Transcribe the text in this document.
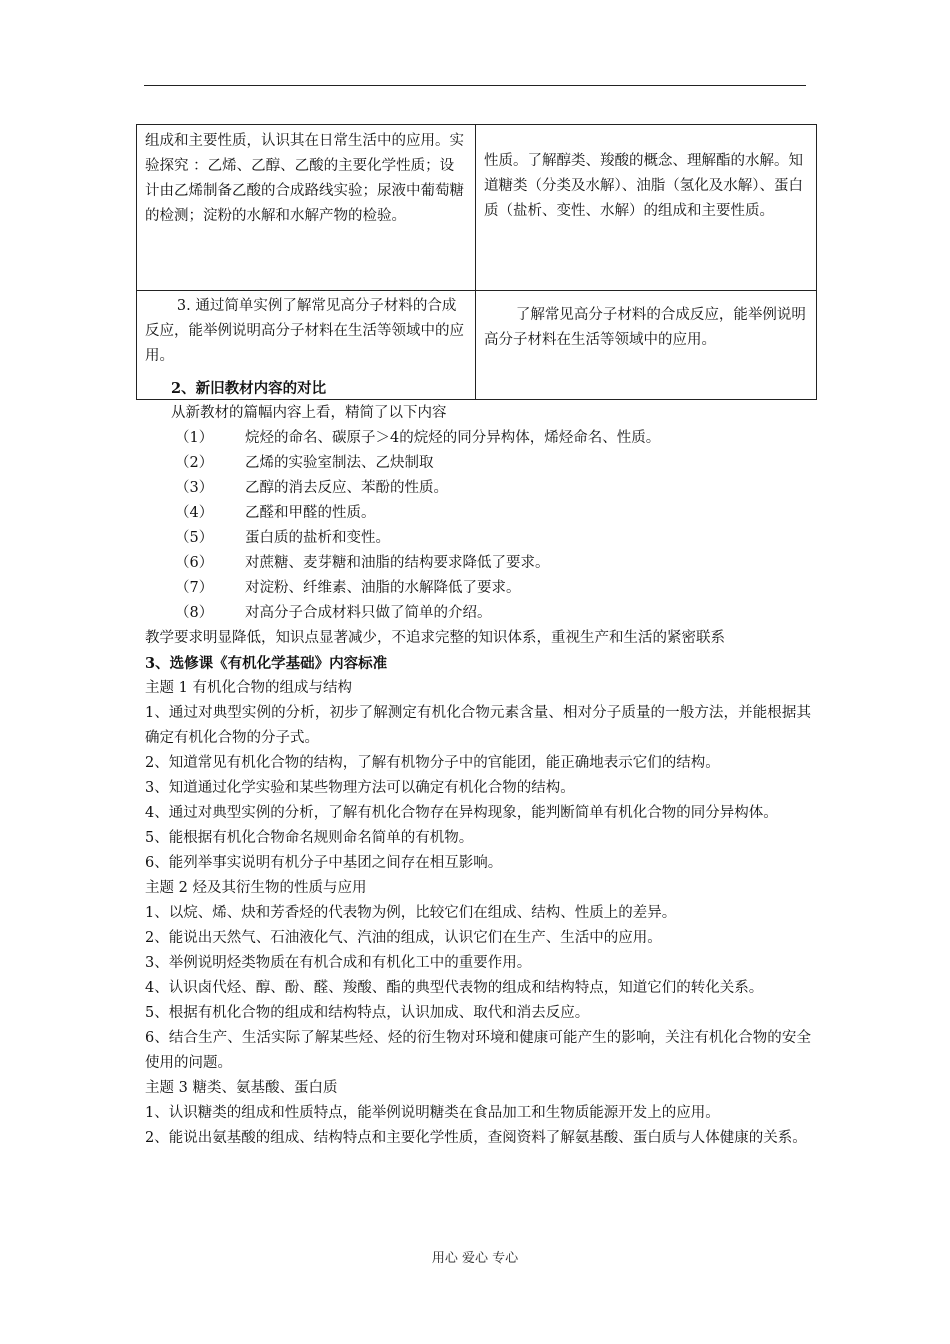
组成和主要性质，认识其在日常生活中的应用。实验探究 ：乙烯、乙醇、乙酸的主要化学性质；设计由乙烯制备乙酸的合成路线实验；尿液中葡萄糖的检测；淀粉的水解和水解产物的检验。	性质。了解醇类、羧酸的概念、理解酯的水解。知道糖类（分类及水解）、油脂（氢化及水解）、蛋白质（盐析、变性、水解）的组成和主要性质。
3. 通过简单实例了解常见高分子材料的合成反应，能举例说明高分子材料在生活等领域中的应用。	了解常见高分子材料的合成反应，能举例说明高分子材料在生活等领域中的应用。

2、新旧教材内容的对比

从新教材的篇幅内容上看，精简了以下内容

（1）	烷烃的命名、碳原子＞4的烷烃的同分异构体，烯烃命名、性质。
（2）	乙烯的实验室制法、乙炔制取
（3）	乙醇的消去反应、苯酚的性质。
（4）	乙醛和甲醛的性质。
（5）	蛋白质的盐析和变性。
（6）	对蔗糖、麦芽糖和油脂的结构要求降低了要求。
（7）	对淀粉、纤维素、油脂的水解降低了要求。
（8）	对高分子合成材料只做了简单的介绍。

教学要求明显降低，知识点显著减少，不追求完整的知识体系，重视生产和生活的紧密联系

3、选修课《有机化学基础》内容标准

主题 1 有机化合物的组成与结构

1、通过对典型实例的分析，初步了解测定有机化合物元素含量、相对分子质量的一般方法，并能根据其确定有机化合物的分子式。

2、知道常见有机化合物的结构，了解有机物分子中的官能团，能正确地表示它们的结构。

3、知道通过化学实验和某些物理方法可以确定有机化合物的结构。

4、通过对典型实例的分析，了解有机化合物存在异构现象，能判断简单有机化合物的同分异构体。

5、能根据有机化合物命名规则命名简单的有机物。

6、能列举事实说明有机分子中基团之间存在相互影响。

主题 2 烃及其衍生物的性质与应用

1、以烷、烯、炔和芳香烃的代表物为例，比较它们在组成、结构、性质上的差异。

2、能说出天然气、石油液化气、汽油的组成，认识它们在生产、生活中的应用。

3、举例说明烃类物质在有机合成和有机化工中的重要作用。

4、认识卤代烃、醇、酚、醛、羧酸、酯的典型代表物的组成和结构特点，知道它们的转化关系。

5、根据有机化合物的组成和结构特点，认识加成、取代和消去反应。

6、结合生产、生活实际了解某些烃、烃的衍生物对环境和健康可能产生的影响，关注有机化合物的安全使用的问题。

主题 3 糖类、氨基酸、蛋白质

1、认识糖类的组成和性质特点，能举例说明糖类在食品加工和生物质能源开发上的应用。

2、能说出氨基酸的组成、结构特点和主要化学性质，查阅资料了解氨基酸、蛋白质与人体健康的关系。

用心 爱心 专心
